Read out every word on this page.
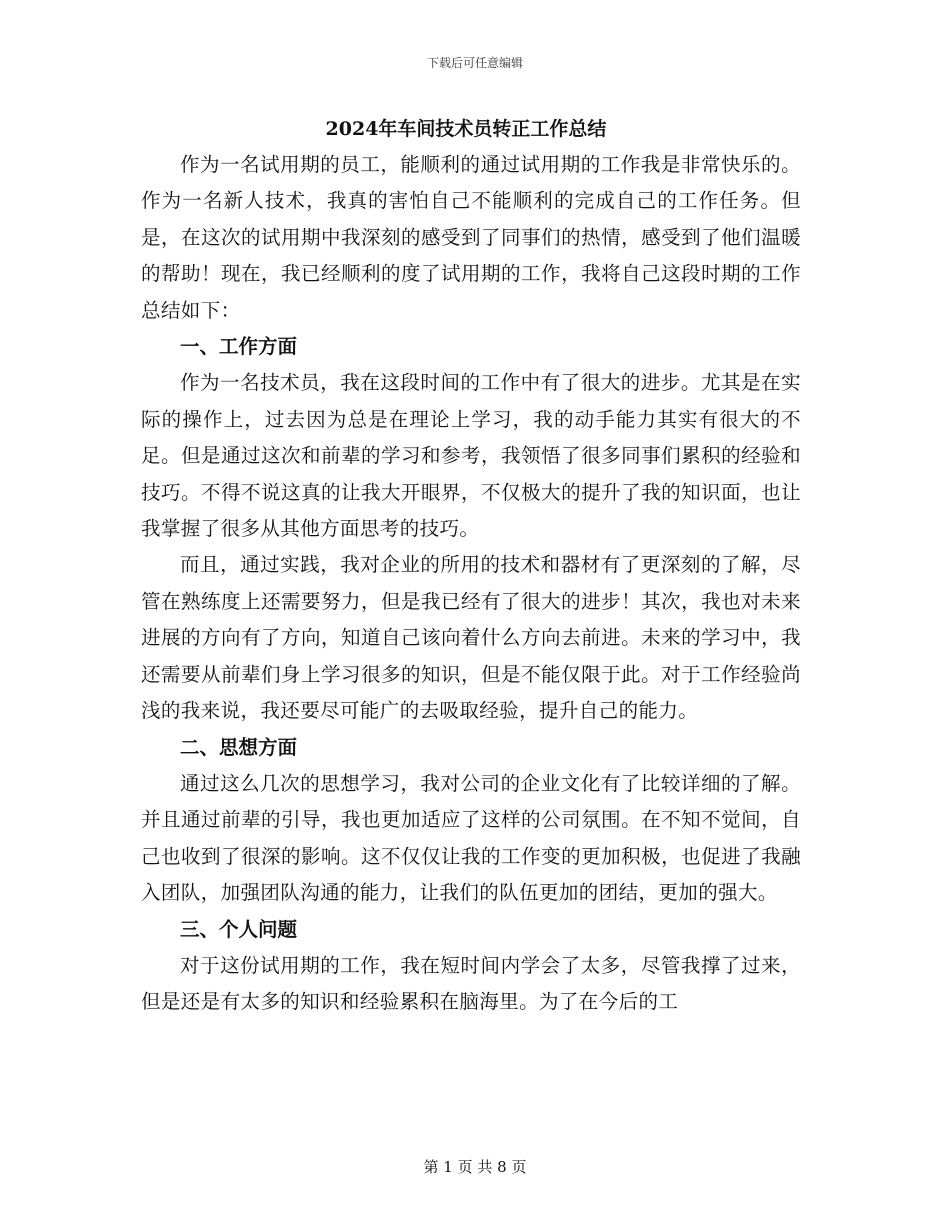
下载后可任意编辑
2024年车间技术员转正工作总结

作为一名试用期的员工，能顺利的通过试用期的工作我是非常快乐的。作为一名新人技术，我真的害怕自己不能顺利的完成自己的工作任务。但是，在这次的试用期中我深刻的感受到了同事们的热情，感受到了他们温暖的帮助！现在，我已经顺利的度了试用期的工作，我将自己这段时期的工作总结如下：

一、工作方面

作为一名技术员，我在这段时间的工作中有了很大的进步。尤其是在实际的操作上，过去因为总是在理论上学习，我的动手能力其实有很大的不足。但是通过这次和前辈的学习和参考，我领悟了很多同事们累积的经验和技巧。不得不说这真的让我大开眼界，不仅极大的提升了我的知识面，也让我掌握了很多从其他方面思考的技巧。

而且，通过实践，我对企业的所用的技术和器材有了更深刻的了解，尽管在熟练度上还需要努力，但是我已经有了很大的进步！其次，我也对未来进展的方向有了方向，知道自己该向着什么方向去前进。未来的学习中，我还需要从前辈们身上学习很多的知识，但是不能仅限于此。对于工作经验尚浅的我来说，我还要尽可能广的去吸取经验，提升自己的能力。

二、思想方面

通过这么几次的思想学习，我对公司的企业文化有了比较详细的了解。并且通过前辈的引导，我也更加适应了这样的公司氛围。在不知不觉间，自己也收到了很深的影响。这不仅仅让我的工作变的更加积极，也促进了我融入团队，加强团队沟通的能力，让我们的队伍更加的团结，更加的强大。

三、个人问题

对于这份试用期的工作，我在短时间内学会了太多，尽管我撑了过来，但是还是有太多的知识和经验累积在脑海里。为了在今后的工

第 1 页 共 8 页
